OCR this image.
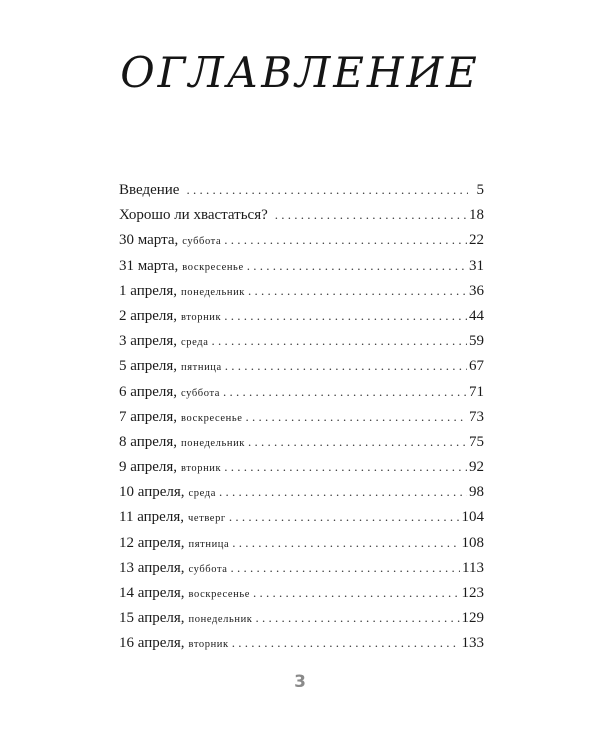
ОГЛАВЛЕНИЕ
Введение . . .	5
Хорошо ли хвастаться? . . .	18
30 марта, суббота . . .	22
31 марта, воскресенье . . .	31
1 апреля, понедельник . . .	36
2 апреля, вторник . . .	44
3 апреля, среда . . .	59
5 апреля, пятница . . .	67
6 апреля, суббота . . .	71
7 апреля, воскресенье . . .	73
8 апреля, понедельник . . .	75
9 апреля, вторник . . .	92
10 апреля, среда . . .	98
11 апреля, четверг . . .	104
12 апреля, пятница . . .	108
13 апреля, суббота . . .	113
14 апреля, воскресенье . . .	123
15 апреля, понедельник . . .	129
16 апреля, вторник . . .	133
3
